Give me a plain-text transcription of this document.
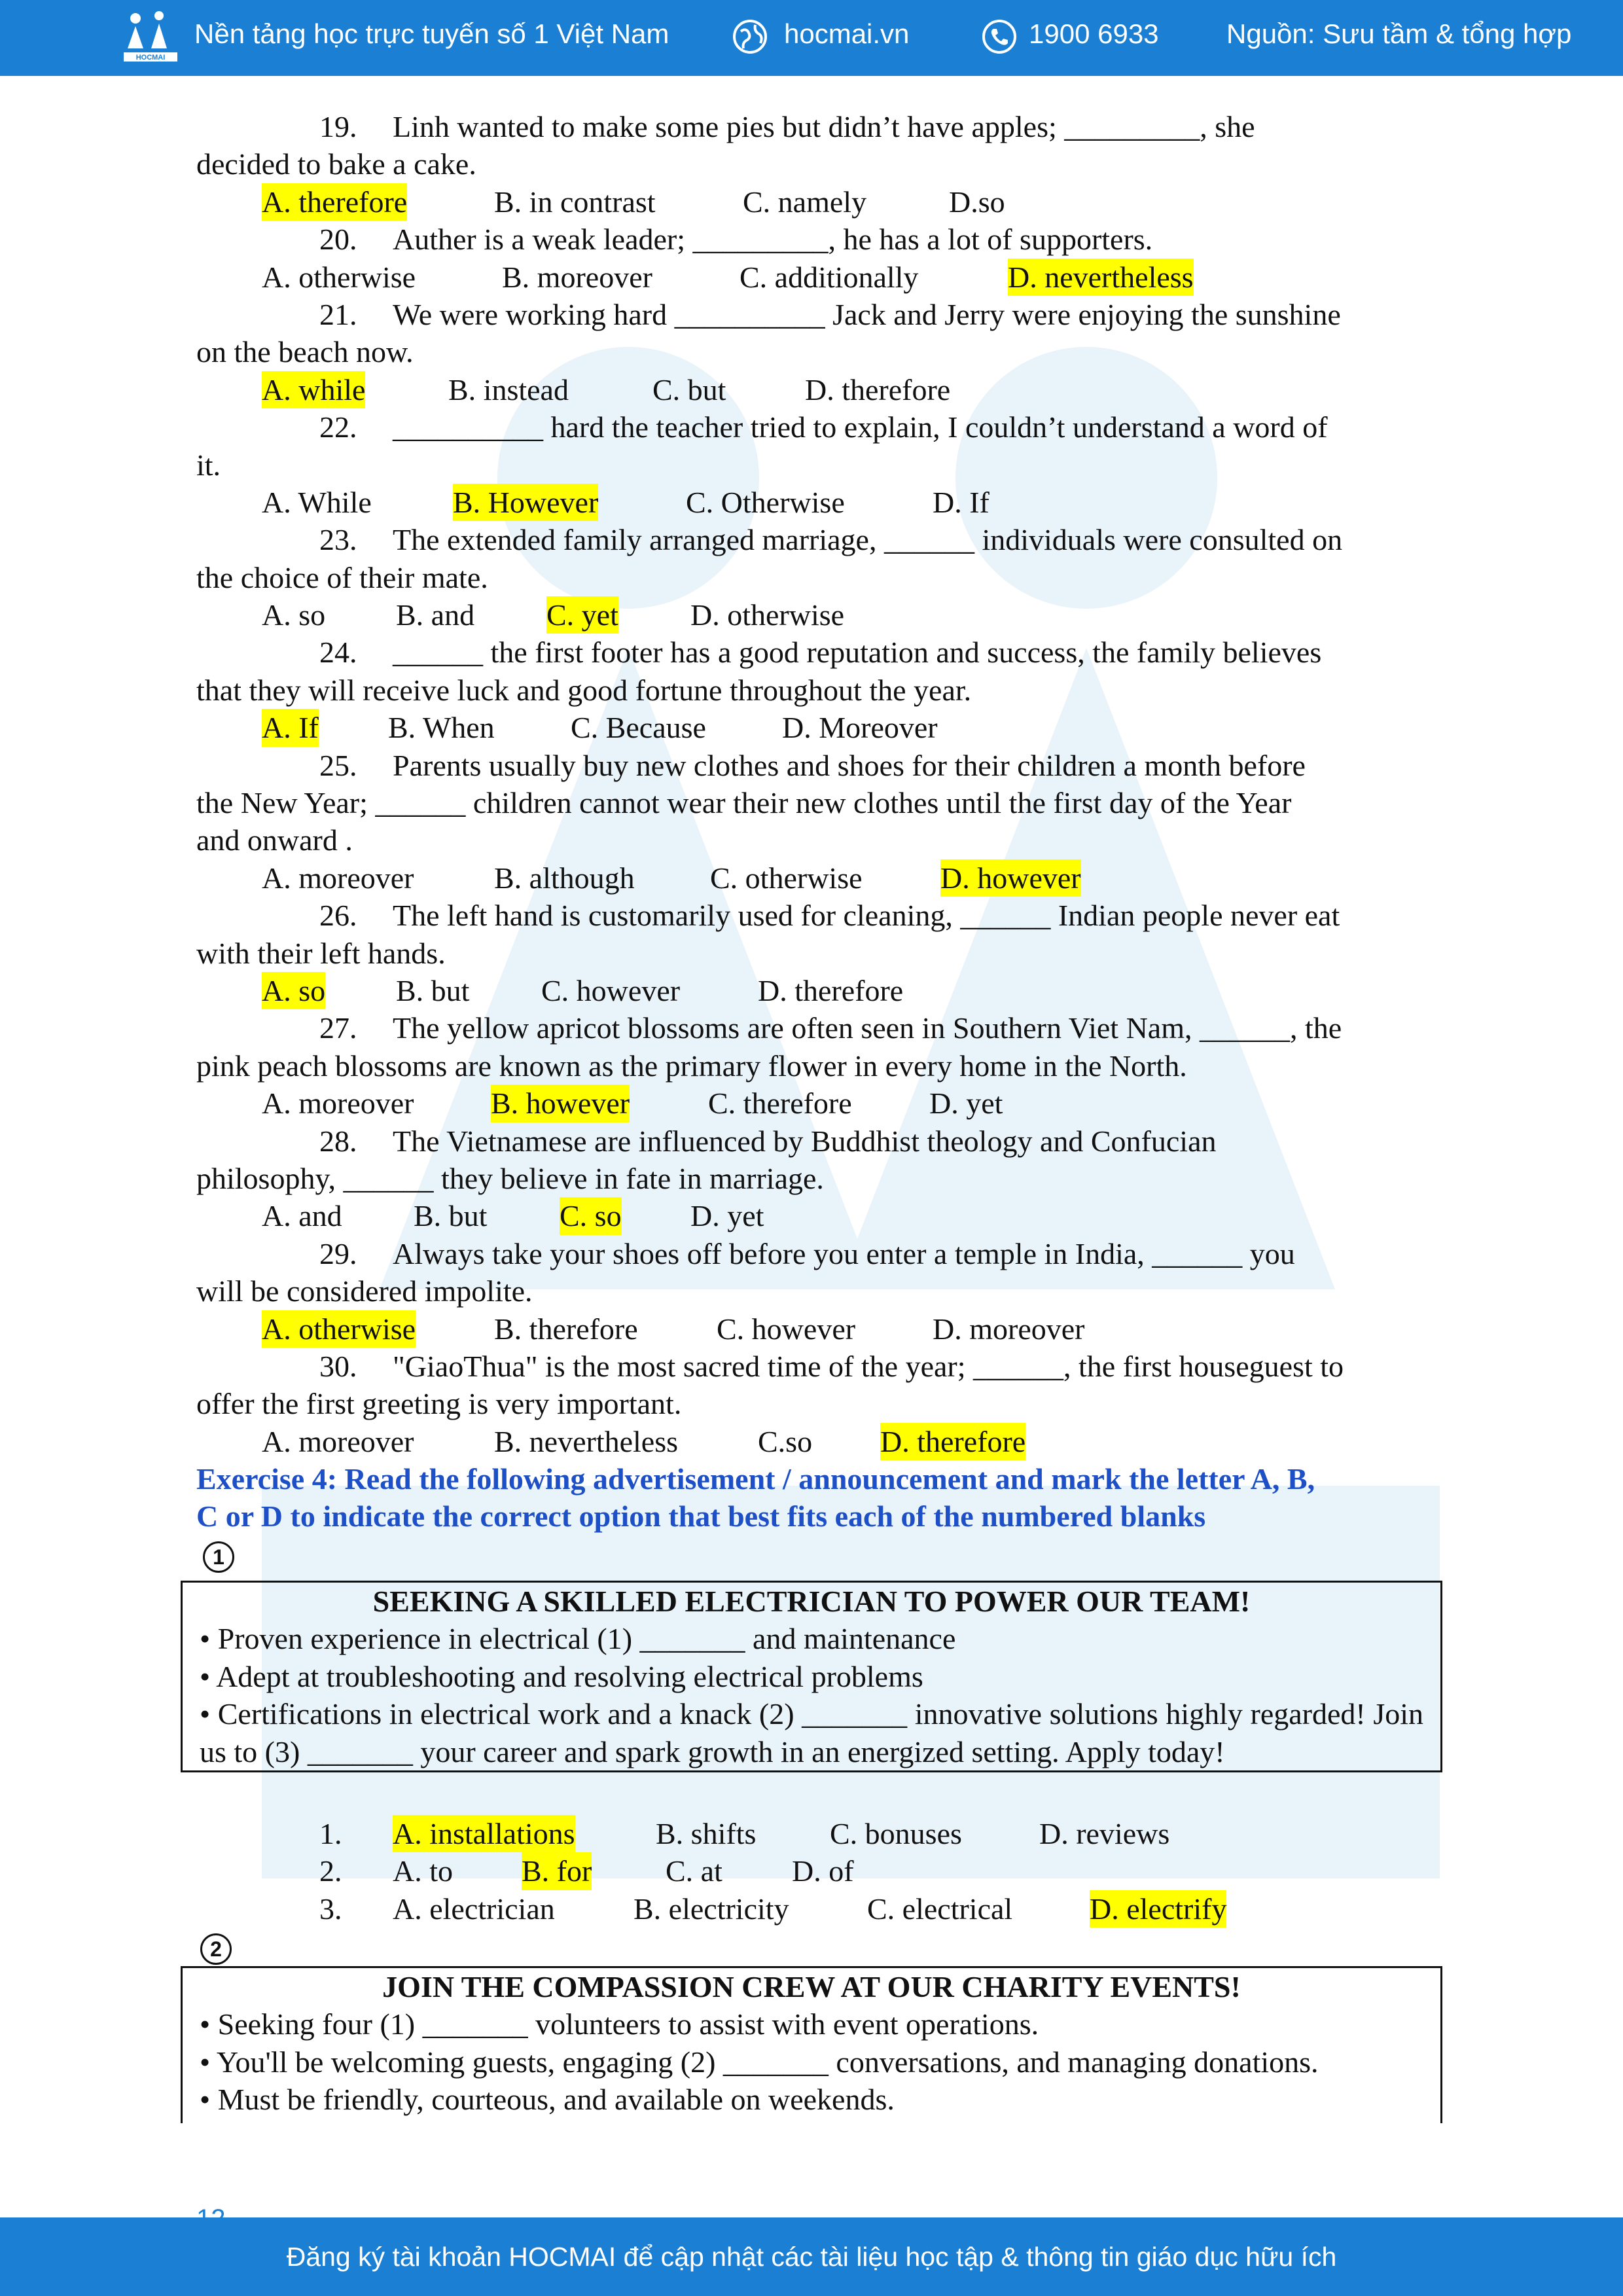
HOCMAI
Nền tảng học trực tuyến số 1 Việt Nam	hocmai.vn	1900 6933 Nguồn: Sưu tầm & tổng hợp
19. Linh wanted to make some pies but didn’t have apples; _________, she
decided to bake a cake.
A. therefore	B. in contrast	C. namely	D.so
20. Auther is a weak leader; _________, he has a lot of supporters.
A. otherwise	B. moreover	C. additionally	D. nevertheless
21. We were working hard __________ Jack and Jerry were enjoying the sunshine
on the beach now.
A. while	B. instead	C. but	D. therefore
22. __________ hard the teacher tried to explain, I couldn’t understand a word of
it.
A. While	B. However	C. Otherwise	D. If
23. The extended family arranged marriage, ______ individuals were consulted on
the choice of their mate.
A. so B. and C. yet D. otherwise
24. ______ the first footer has a good reputation and success, the family believes
that they will receive luck and good fortune throughout the year.
A. If B. When	C. Because	D. Moreover
25. Parents usually buy new clothes and shoes for their children a month before
the New Year; ______ children cannot wear their new clothes until the first day of the Year
and onward .
A. moreover	B. although	C. otherwise	D. however
26. The left hand is customarily used for cleaning, ______ Indian people never eat
with their left hands.
A. so B. but C. however	D. therefore
27. The yellow apricot blossoms are often seen in Southern Viet Nam, ______, the
pink peach blossoms are known as the primary flower in every home in the North.
A. moreover	B. however	C. therefore	D. yet
28. The Vietnamese are influenced by Buddhist theology and Confucian
philosophy, ______ they believe in fate in marriage.
A. and B. but C. so D. yet
29. Always take your shoes off before you enter a temple in India, ______ you
will be considered impolite.
A. otherwise	B. therefore	C. however	D. moreover
30. "GiaoThua" is the most sacred time of the year; ______, the first houseguest to
offer the first greeting is very important.
A. moreover	B. nevertheless	C.so D. therefore
Exercise 4: Read the following advertisement / announcement and mark the letter A, B,
C or D to indicate the correct option that best fits each of the numbered blanks
1
SEEKING A SKILLED ELECTRICIAN TO POWER OUR TEAM!
• Proven experience in electrical (1) _______ and maintenance
• Adept at troubleshooting and resolving electrical problems
• Certifications in electrical work and a knack (2) _______ innovative solutions highly regarded! Join us to (3) _______ your career and spark growth in an energized setting. Apply today!
1. A. installations	B. shifts C. bonuses	D. reviews
2. A. to B. for C. at D. of
3. A. electrician	B. electricity	C. electrical	D. electrify
2
JOIN THE COMPASSION CREW AT OUR CHARITY EVENTS!
• Seeking four (1) _______ volunteers to assist with event operations.
• You'll be welcoming guests, engaging (2) _______ conversations, and managing donations.
• Must be friendly, courteous, and available on weekends.
Đăng ký tài khoản HOCMAI để cập nhật các tài liệu học tập & thông tin giáo dục hữu ích
